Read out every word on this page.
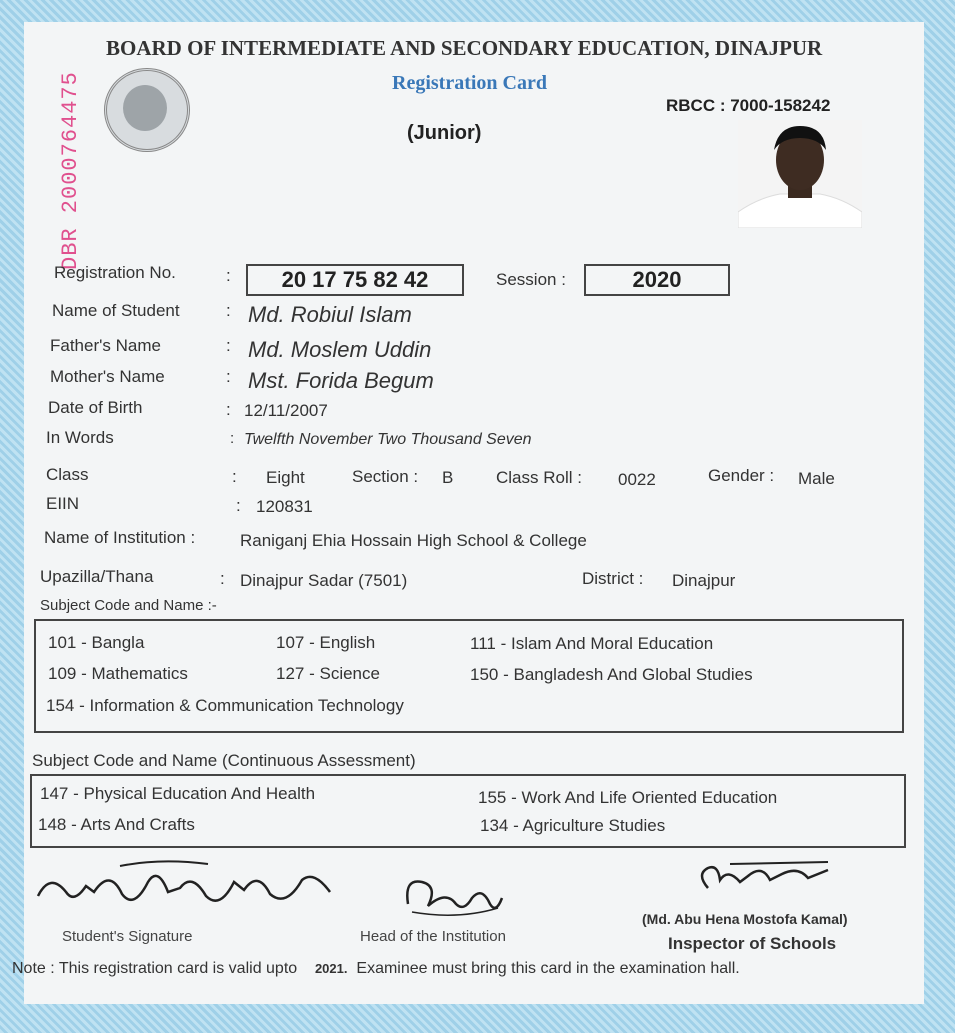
BOARD OF INTERMEDIATE AND SECONDARY EDUCATION, DINAJPUR
Registration Card
RBCC : 7000-158242
(Junior)
DBR 2000764475
Registration No.	:	20 17 75 82 42	Session :	2020
Name of Student	: Md. Robiul Islam
Father's Name	: Md. Moslem Uddin
Mother's Name	: Mst. Forida Begum
Date of Birth	: 12/11/2007
In Words	: Twelfth November Two Thousand Seven
Class	: Eight	Section : B	Class Roll : 0022	Gender : Male
EIIN	: 120831
Name of Institution :	Raniganj Ehia Hossain High School & College
Upazilla/Thana	: Dinajpur Sadar (7501)	District : Dinajpur
Subject Code and Name :-
101 - Bangla	107 - English	111 - Islam And Moral Education
109 - Mathematics	127 - Science	150 - Bangladesh And Global Studies
154 - Information & Communication Technology
Subject Code and Name (Continuous Assessment)
147 - Physical Education And Health	155 - Work And Life Oriented Education
148 - Arts And Crafts	134 - Agriculture Studies
Student's Signature	Head of the Institution
(Md. Abu Hena Mostofa Kamal)
Inspector of Schools
Note : This registration card is valid upto 2021. Examinee must bring this card in the examination hall.
